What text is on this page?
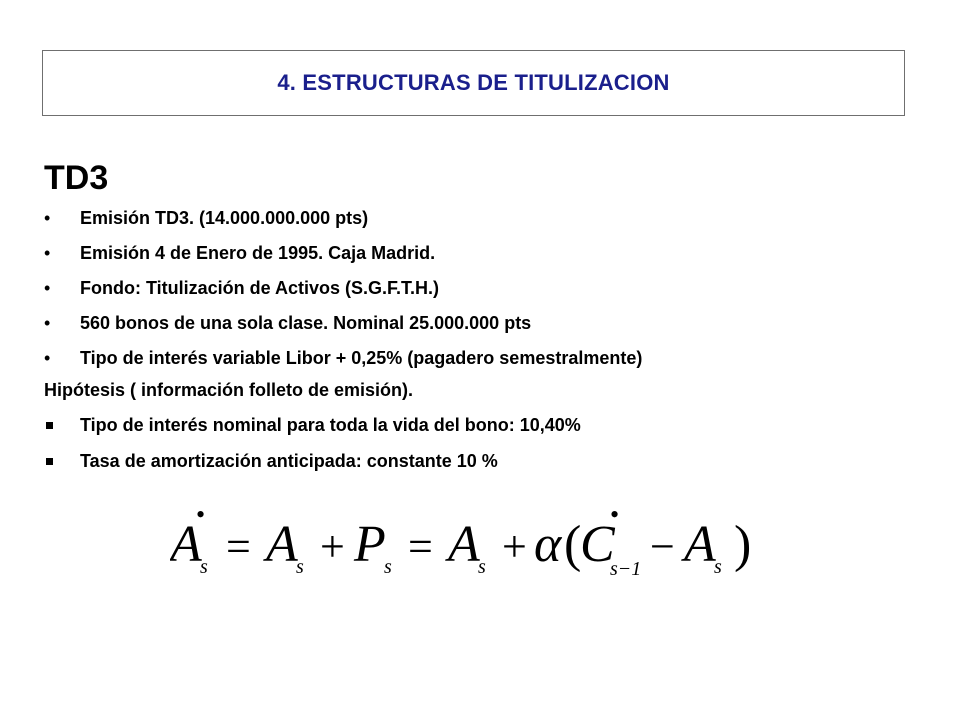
4. ESTRUCTURAS DE TITULIZACION
TD3
•	Emisión TD3. (14.000.000.000 pts)
•	Emisión 4 de Enero de 1995. Caja Madrid.
•	Fondo: Titulización de Activos (S.G.F.T.H.)
•	560 bonos de una sola clase. Nominal 25.000.000 pts
•	Tipo de interés variable Libor + 0,25% (pagadero semestralmente)
Hipótesis ( información folleto de emisión).
Tipo de interés nominal para toda la vida del bono: 10,40%
Tasa de amortización anticipada: constante 10 %
A
•
s = A
s + P
s = A
s + α (
C
•
s−1 − A
s )
